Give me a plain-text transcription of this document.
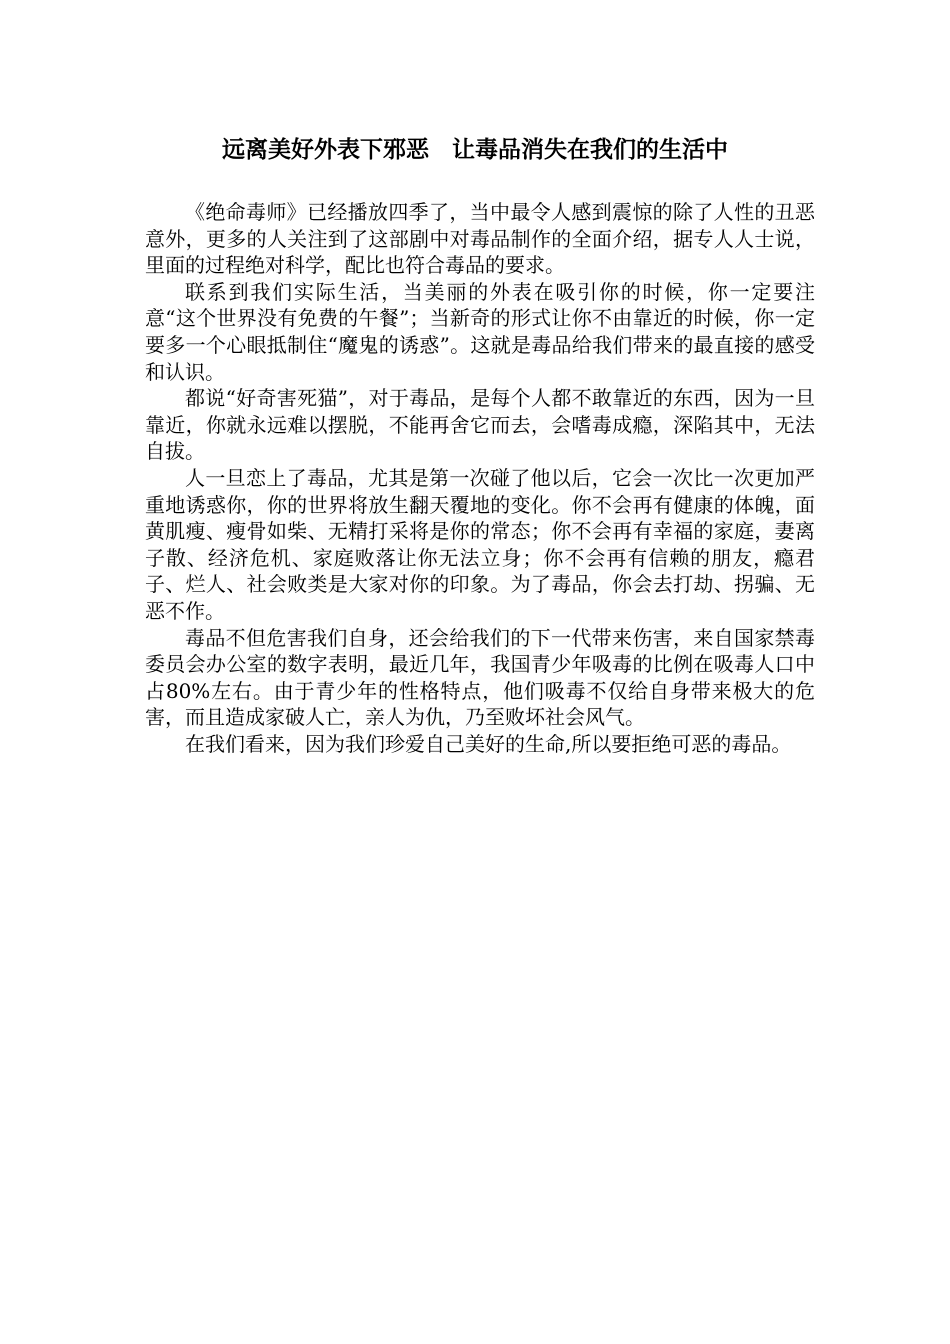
远离美好外表下邪恶　让毒品消失在我们的生活中

《绝命毒师》已经播放四季了，当中最令人感到震惊的除了人性的丑恶意外，更多的人关注到了这部剧中对毒品制作的全面介绍，据专人人士说，里面的过程绝对科学，配比也符合毒品的要求。

联系到我们实际生活，当美丽的外表在吸引你的时候，你一定要注意“这个世界没有免费的午餐”；当新奇的形式让你不由靠近的时候，你一定要多一个心眼抵制住“魔鬼的诱惑”。这就是毒品给我们带来的最直接的感受和认识。

都说“好奇害死猫”，对于毒品，是每个人都不敢靠近的东西，因为一旦靠近，你就永远难以摆脱，不能再舍它而去，会嗜毒成瘾，深陷其中，无法自拔。

人一旦恋上了毒品，尤其是第一次碰了他以后，它会一次比一次更加严重地诱惑你，你的世界将放生翻天覆地的变化。你不会再有健康的体魄，面黄肌瘦、瘦骨如柴、无精打采将是你的常态；你不会再有幸福的家庭，妻离子散、经济危机、家庭败落让你无法立身；你不会再有信赖的朋友，瘾君子、烂人、社会败类是大家对你的印象。为了毒品，你会去打劫、拐骗、无恶不作。

毒品不但危害我们自身，还会给我们的下一代带来伤害，来自国家禁毒委员会办公室的数字表明，最近几年，我国青少年吸毒的比例在吸毒人口中占80%左右。由于青少年的性格特点，他们吸毒不仅给自身带来极大的危害，而且造成家破人亡，亲人为仇，乃至败坏社会风气。

在我们看来，因为我们珍爱自己美好的生命,所以要拒绝可恶的毒品。
